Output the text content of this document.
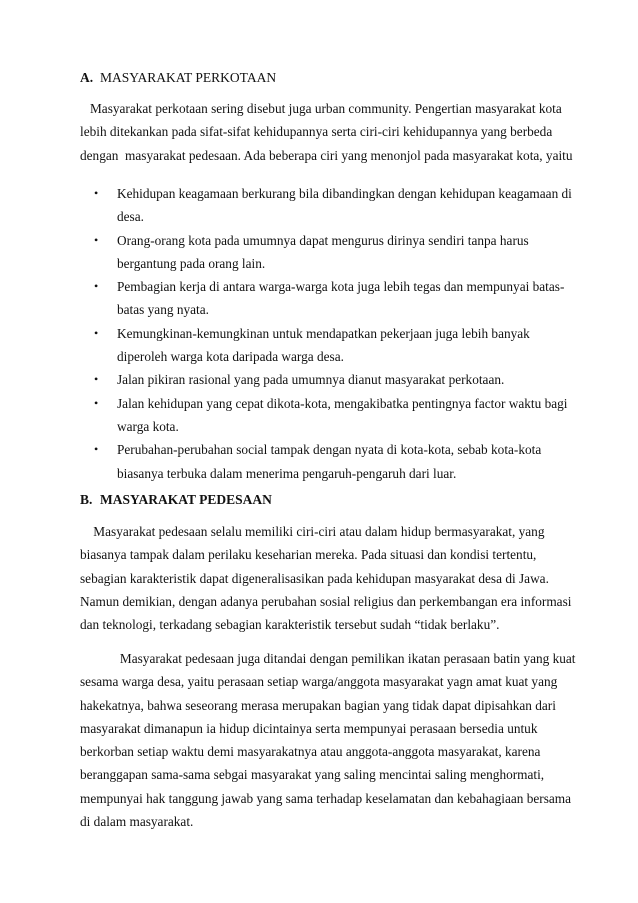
A. MASYARAKAT PERKOTAAN
Masyarakat perkotaan sering disebut juga urban community. Pengertian masyarakat kota
lebih ditekankan pada sifat-sifat kehidupannya serta ciri-ciri kehidupannya yang berbeda
dengan  masyarakat pedesaan. Ada beberapa ciri yang menonjol pada masyarakat kota, yaitu
• Kehidupan keagamaan berkurang bila dibandingkan dengan kehidupan keagamaan di
desa.
• Orang-orang kota pada umumnya dapat mengurus dirinya sendiri tanpa harus
bergantung pada orang lain.
• Pembagian kerja di antara warga-warga kota juga lebih tegas dan mempunyai batas-
batas yang nyata.
• Kemungkinan-kemungkinan untuk mendapatkan pekerjaan juga lebih banyak
diperoleh warga kota daripada warga desa.
• Jalan pikiran rasional yang pada umumnya dianut masyarakat perkotaan.
• Jalan kehidupan yang cepat dikota-kota, mengakibatka pentingnya factor waktu bagi
warga kota.
• Perubahan-perubahan social tampak dengan nyata di kota-kota, sebab kota-kota
biasanya terbuka dalam menerima pengaruh-pengaruh dari luar.
B. MASYARAKAT PEDESAAN
Masyarakat pedesaan selalu memiliki ciri-ciri atau dalam hidup bermasyarakat, yang
biasanya tampak dalam perilaku keseharian mereka. Pada situasi dan kondisi tertentu,
sebagian karakteristik dapat digeneralisasikan pada kehidupan masyarakat desa di Jawa.
Namun demikian, dengan adanya perubahan sosial religius dan perkembangan era informasi
dan teknologi, terkadang sebagian karakteristik tersebut sudah “tidak berlaku”.
Masyarakat pedesaan juga ditandai dengan pemilikan ikatan perasaan batin yang kuat
sesama warga desa, yaitu perasaan setiap warga/anggota masyarakat yagn amat kuat yang
hakekatnya, bahwa seseorang merasa merupakan bagian yang tidak dapat dipisahkan dari
masyarakat dimanapun ia hidup dicintainya serta mempunyai perasaan bersedia untuk
berkorban setiap waktu demi masyarakatnya atau anggota-anggota masyarakat, karena
beranggapan sama-sama sebgai masyarakat yang saling mencintai saling menghormati,
mempunyai hak tanggung jawab yang sama terhadap keselamatan dan kebahagiaan bersama
di dalam masyarakat.
